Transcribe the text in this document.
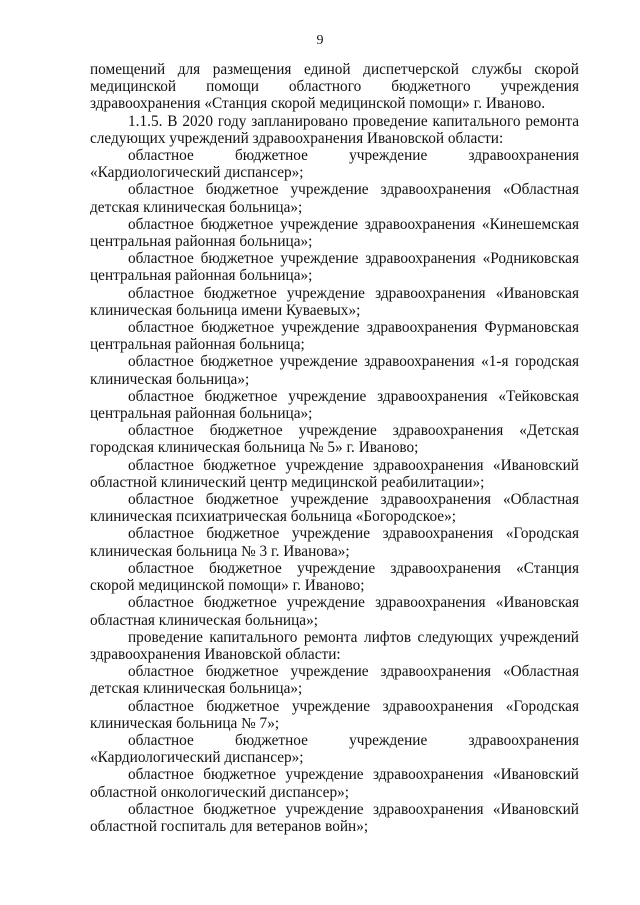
9

помещений для размещения единой диспетчерской службы скорой медицинской помощи областного бюджетного учреждения здравоохранения «Станция скорой медицинской помощи» г. Иваново.

1.1.5. В 2020 году запланировано проведение капитального ремонта следующих учреждений здравоохранения Ивановской области:

областное бюджетное учреждение здравоохранения «Кардиологический диспансер»;

областное бюджетное учреждение здравоохранения «Областная детская клиническая больница»;

областное бюджетное учреждение здравоохранения «Кинешемская центральная районная больница»;

областное бюджетное учреждение здравоохранения «Родниковская центральная районная больница»;

областное бюджетное учреждение здравоохранения «Ивановская клиническая больница имени Куваевых»;

областное бюджетное учреждение здравоохранения Фурмановская центральная районная больница;

областное бюджетное учреждение здравоохранения «1-я городская клиническая больница»;

областное бюджетное учреждение здравоохранения «Тейковская центральная районная больница»;

областное бюджетное учреждение здравоохранения «Детская городская клиническая больница № 5» г. Иваново;

областное бюджетное учреждение здравоохранения «Ивановский областной клинический центр медицинской реабилитации»;

областное бюджетное учреждение здравоохранения «Областная клиническая психиатрическая больница «Богородское»;

областное бюджетное учреждение здравоохранения «Городская клиническая больница № 3 г. Иванова»;

областное бюджетное учреждение здравоохранения «Станция скорой медицинской помощи» г. Иваново;

областное бюджетное учреждение здравоохранения «Ивановская областная клиническая больница»;

проведение капитального ремонта лифтов следующих учреждений здравоохранения Ивановской области:

областное бюджетное учреждение здравоохранения «Областная детская клиническая больница»;

областное бюджетное учреждение здравоохранения «Городская клиническая больница № 7»;

областное бюджетное учреждение здравоохранения «Кардиологический диспансер»;

областное бюджетное учреждение здравоохранения «Ивановский областной онкологический диспансер»;

областное бюджетное учреждение здравоохранения «Ивановский областной госпиталь для ветеранов войн»;
